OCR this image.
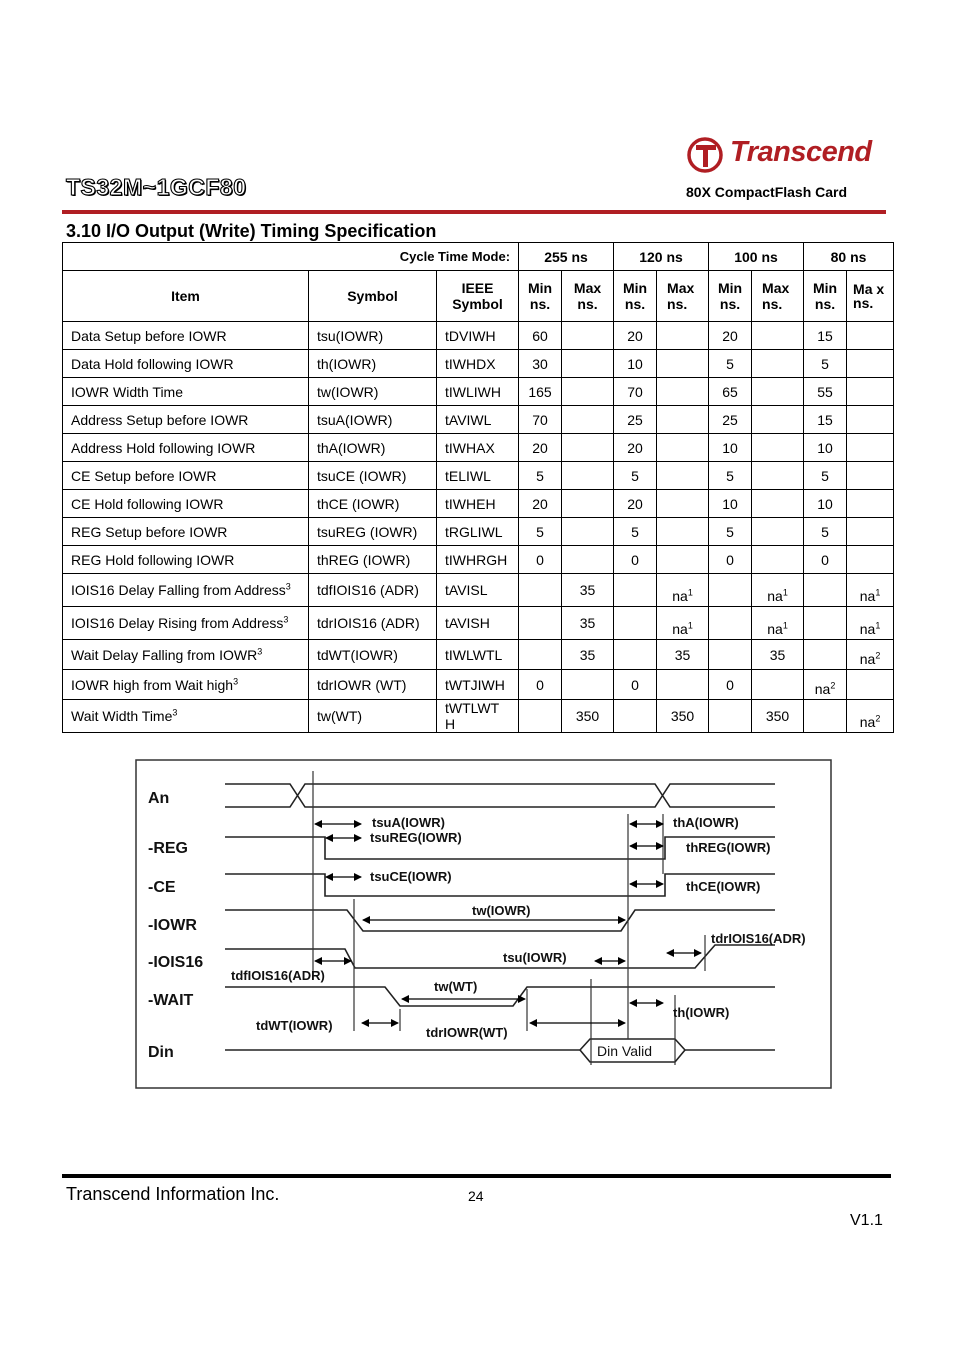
Transcend
TS32M~1GCF80	80X CompactFlash Card
3.10 I/O Output (Write) Timing Specification
Cycle Time Mode:			255 ns		120 ns		100 ns		80 ns	
Item	Symbol	IEEE Symbol	Min ns.	Max ns.	Min ns.	Max ns.	Min ns.	Max ns.	Min ns.	Ma x ns.
Data Setup before IOWR	tsu(IOWR)	tDVIWH	60		20		20		15	
Data Hold following IOWR	th(IOWR)	tIWHDX	30		10		5		5	
IOWR Width Time	tw(IOWR)	tIWLIWH	165		70		65		55	
Address Setup before IOWR	tsuA(IOWR)	tAVIWL	70		25		25		15	
Address Hold following IOWR	thA(IOWR)	tIWHAX	20		20		10		10	
CE Setup before IOWR	tsuCE (IOWR)	tELIWL	5		5		5		5	
CE Hold following IOWR	thCE (IOWR)	tIWHEH	20		20		10		10	
REG Setup before IOWR	tsuREG (IOWR)	tRGLIWL	5		5		5		5	
REG Hold following IOWR	thREG (IOWR)	tIWHRGH	0		0		0		0	
IOIS16 Delay Falling from Address$^3$	tdfIOIS16 (ADR)	tAVISL		35		$na^1$		$na^1$		$na^1$
IOIS16 Delay Rising from Address$^3$	tdrIOIS16 (ADR)	tAVISH		35		$na^1$		$na^1$		$na^1$
Wait Delay Falling from IOWR$^3$	tdWT(IOWR)	tIWLWTL		35		35		35		$na^2$
IOWR high from Wait high$^3$	tdrIOWR (WT)	tWTJIWH	0		0		0		$na^2$	
Wait Width Time$^3$	tw(WT)	tWTLWT H		350		350		350		$na^2$
An
-REG
-CE
-IOWR
-IOIS16
-WAIT
Din
tsuA(IOWR)
tsuREG(IOWR)
tsuCE(IOWR)
thA(IOWR)
thREG(IOWR)
thCE(IOWR)
tw(IOWR)
tdrIOIS16(ADR)
tsu(IOWR)
tdfIOIS16(ADR)
tw(WT)
tdWT(IOWR)	tdrIOWR(WT)
th(IOWR)
Din Valid
Transcend Information Inc.	24
V1.1
